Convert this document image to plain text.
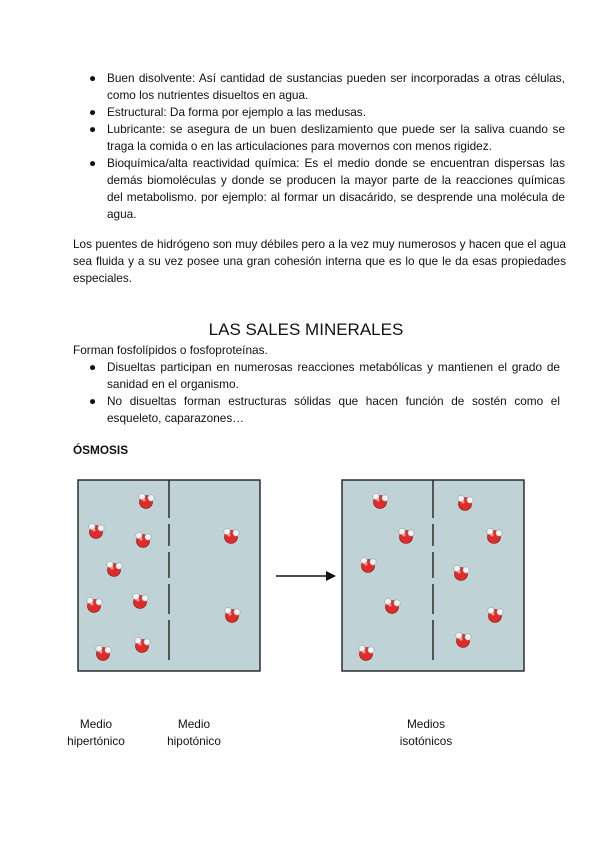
● Buen disolvente: Así cantidad de sustancias pueden ser incorporadas a otras células, como los nutrientes disueltos en agua.
● Estructural: Da forma por ejemplo a las medusas.
● Lubricante: se asegura de un buen deslizamiento que puede ser la saliva cuando se traga la comida o en las articulaciones para movernos con menos rigidez.
● Bioquímica/alta reactividad química: Es el medio donde se encuentran dispersas las demás biomoléculas y donde se producen la mayor parte de la reacciones químicas del metabolismo. por ejemplo: al formar un disacárido, se desprende una molécula de agua.

Los puentes de hidrógeno son muy débiles pero a la vez muy numerosos y hacen que el agua sea fluida y a su vez posee una gran cohesión interna que es lo que le da esas propiedades especiales.

LAS SALES MINERALES

Forman fosfolípidos o fosfoproteínas.

● Disueltas participan en numerosas reacciones metabólicas y mantienen el grado de sanidad en el organismo.
● No disueltas forman estructuras sólidas que hacen función de sostén como el esqueleto, caparazones…
ÓSMOSIS
Medio
hipertónico
Medio
hipotónico
Medios
isotónicos
